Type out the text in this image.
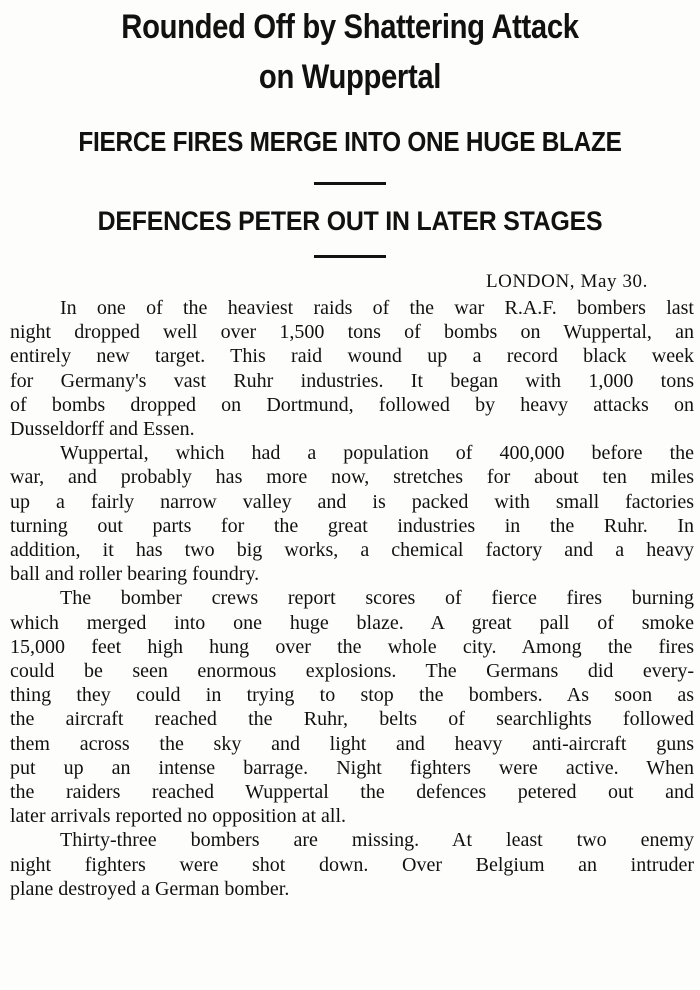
Rounded Off by Shattering Attack
on Wuppertal
FIERCE FIRES MERGE INTO ONE HUGE BLAZE
DEFENCES PETER OUT IN LATER STAGES
LONDON, May 30.

In one of the heaviest raids of the war R.A.F. bombers last
night dropped well over 1,500 tons of bombs on Wuppertal, an
entirely new target. This raid wound up a record black week
for Germany's vast Ruhr industries. It began with 1,000 tons
of bombs dropped on Dortmund, followed by heavy attacks on
Dusseldorff and Essen.

Wuppertal, which had a population of 400,000 before the
war, and probably has more now, stretches for about ten miles
up a fairly narrow valley and is packed with small factories
turning out parts for the great industries in the Ruhr. In
addition, it has two big works, a chemical factory and a heavy
ball and roller bearing foundry.

The bomber crews report scores of fierce fires burning
which merged into one huge blaze. A great pall of smoke
15,000 feet high hung over the whole city. Among the fires
could be seen enormous explosions. The Germans did every-
thing they could in trying to stop the bombers. As soon as
the aircraft reached the Ruhr, belts of searchlights followed
them across the sky and light and heavy anti-aircraft guns
put up an intense barrage. Night fighters were active. When
the raiders reached Wuppertal the defences petered out and
later arrivals reported no opposition at all.

Thirty-three bombers are missing. At least two enemy
night fighters were shot down. Over Belgium an intruder
plane destroyed a German bomber.
